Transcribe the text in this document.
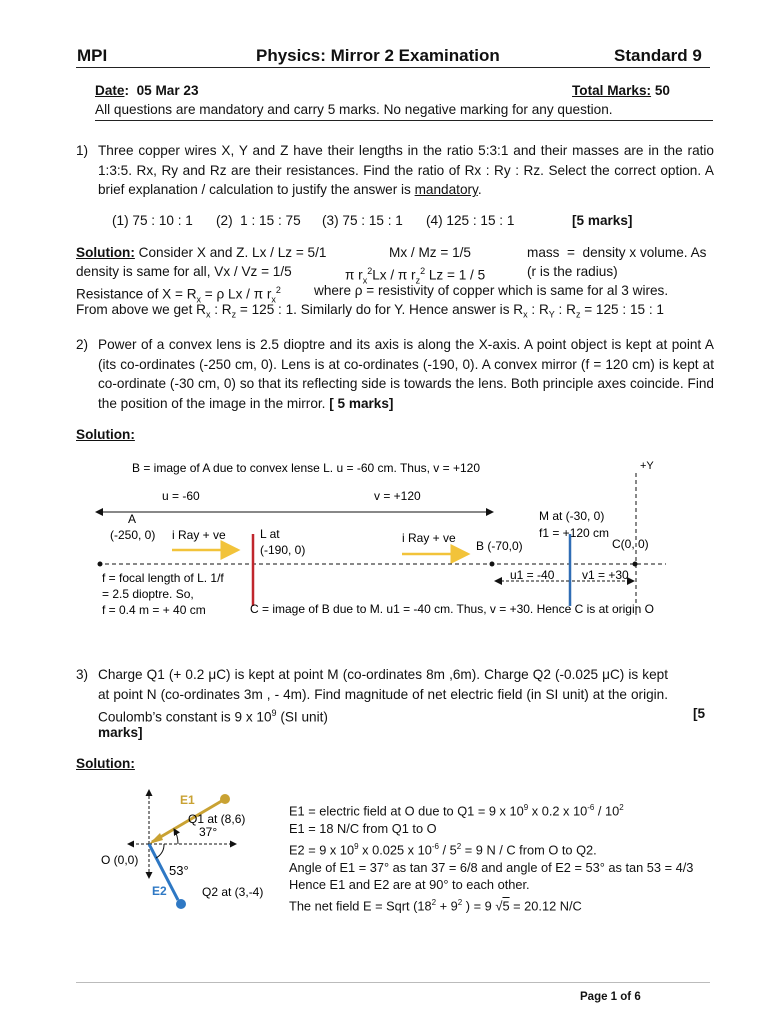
MPI	Physics: Mirror 2 Examination	Standard 9
Date:  05 Mar 23	Total Marks: 50
All questions are mandatory and carry 5 marks. No negative marking for any question.
1) Three copper wires X, Y and Z have their lengths in the ratio 5:3:1 and their masses are in the ratio 1:3:5. Rx, Ry and Rz are their resistances. Find the ratio of Rx : Ry : Rz. Select the correct option. A brief explanation / calculation to justify the answer is mandatory.
(1) 75 : 10 : 1 (2)  1 : 15 : 75 (3) 75 : 15 : 1 (4) 125 : 15 : 1	[5 marks]
Solution: Consider X and Z. Lx / Lz = 5/1	Mx / Mz = 1/5	mass  =  density x volume. As
density is same for all, Vx / Vz = 1/5	π $r_x^2Lx$ / π $r_z^2$ Lz = 1 / 5	(r is the radius)
Resistance of $X = R_x = \rho$ Lx / π $r_x^2$ where ρ = resistivity of copper which is same for al 3 wires.
From above we get $R_x$ : $R_z = 125$ : 1. Similarly do for Y. Hence answer is $R_x$ : $R_Y$ : $R_z = 125$ : 15 : 1
2) Power of a convex lens is 2.5 dioptre and its axis is along the X-axis. A point object is kept at point A (its co-ordinates (-250 cm, 0). Lens is at co-ordinates (-190, 0). A convex mirror (f = 120 cm) is kept at co-ordinate (-30 cm, 0) so that its reflecting side is towards the lens. Both principle axes coincide. Find the position of the image in the mirror. [ 5 marks]
Solution:
B = image of A due to convex lense L. u = -60 cm. Thus, v = +120	+Y
u = -60	v = +120
A
(-250, 0) i Ray + ve	L at
(-190, 0)
i Ray + ve
B (-70,0)
M at (-30, 0)
f1 = +120 cm
C(0, 0)
u1 = -40 v1 = +30
f = focal length of L. 1/f
= 2.5 dioptre. So,
f = 0.4 m = + 40 cm	C = image of B due to M. u1 = -40 cm. Thus, v = +30. Hence C is at origin O
3) Charge Q1 (+ 0.2 μC) is kept at point M (co-ordinates 8m ,6m). Charge Q2 (-0.025 μC) is kept at point N (co-ordinates 3m , - 4m). Find magnitude of net electric field (in SI unit) at the origin. Coulomb’s constant is 9 x $10^9$ (SI unit)	[5
marks]
Solution:
E1
Q1 at (8,6)
37°
O (0,0)
53°
E2	Q2 at (3,-4)
E1 = electric field at O due to Q1 = 9 x $10^9$ x 0.2 x $10^{-6} / 10^2$
E1 = 18 N/C from Q1 to O
E2 = 9 x $10^9$ x 0.025 x $10^{-6} / 5^2 = 9$ N / C from O to Q2.
Angle of E1 = 37° as tan 37 = 6/8 and angle of E2 = 53° as tan 53 = 4/3
Hence E1 and E2 are at 90° to each other.
The net field E = Sqrt ($18^2 + 9^2$ ) = 9 √5 = 20.12 N/C
Page 1 of 6
